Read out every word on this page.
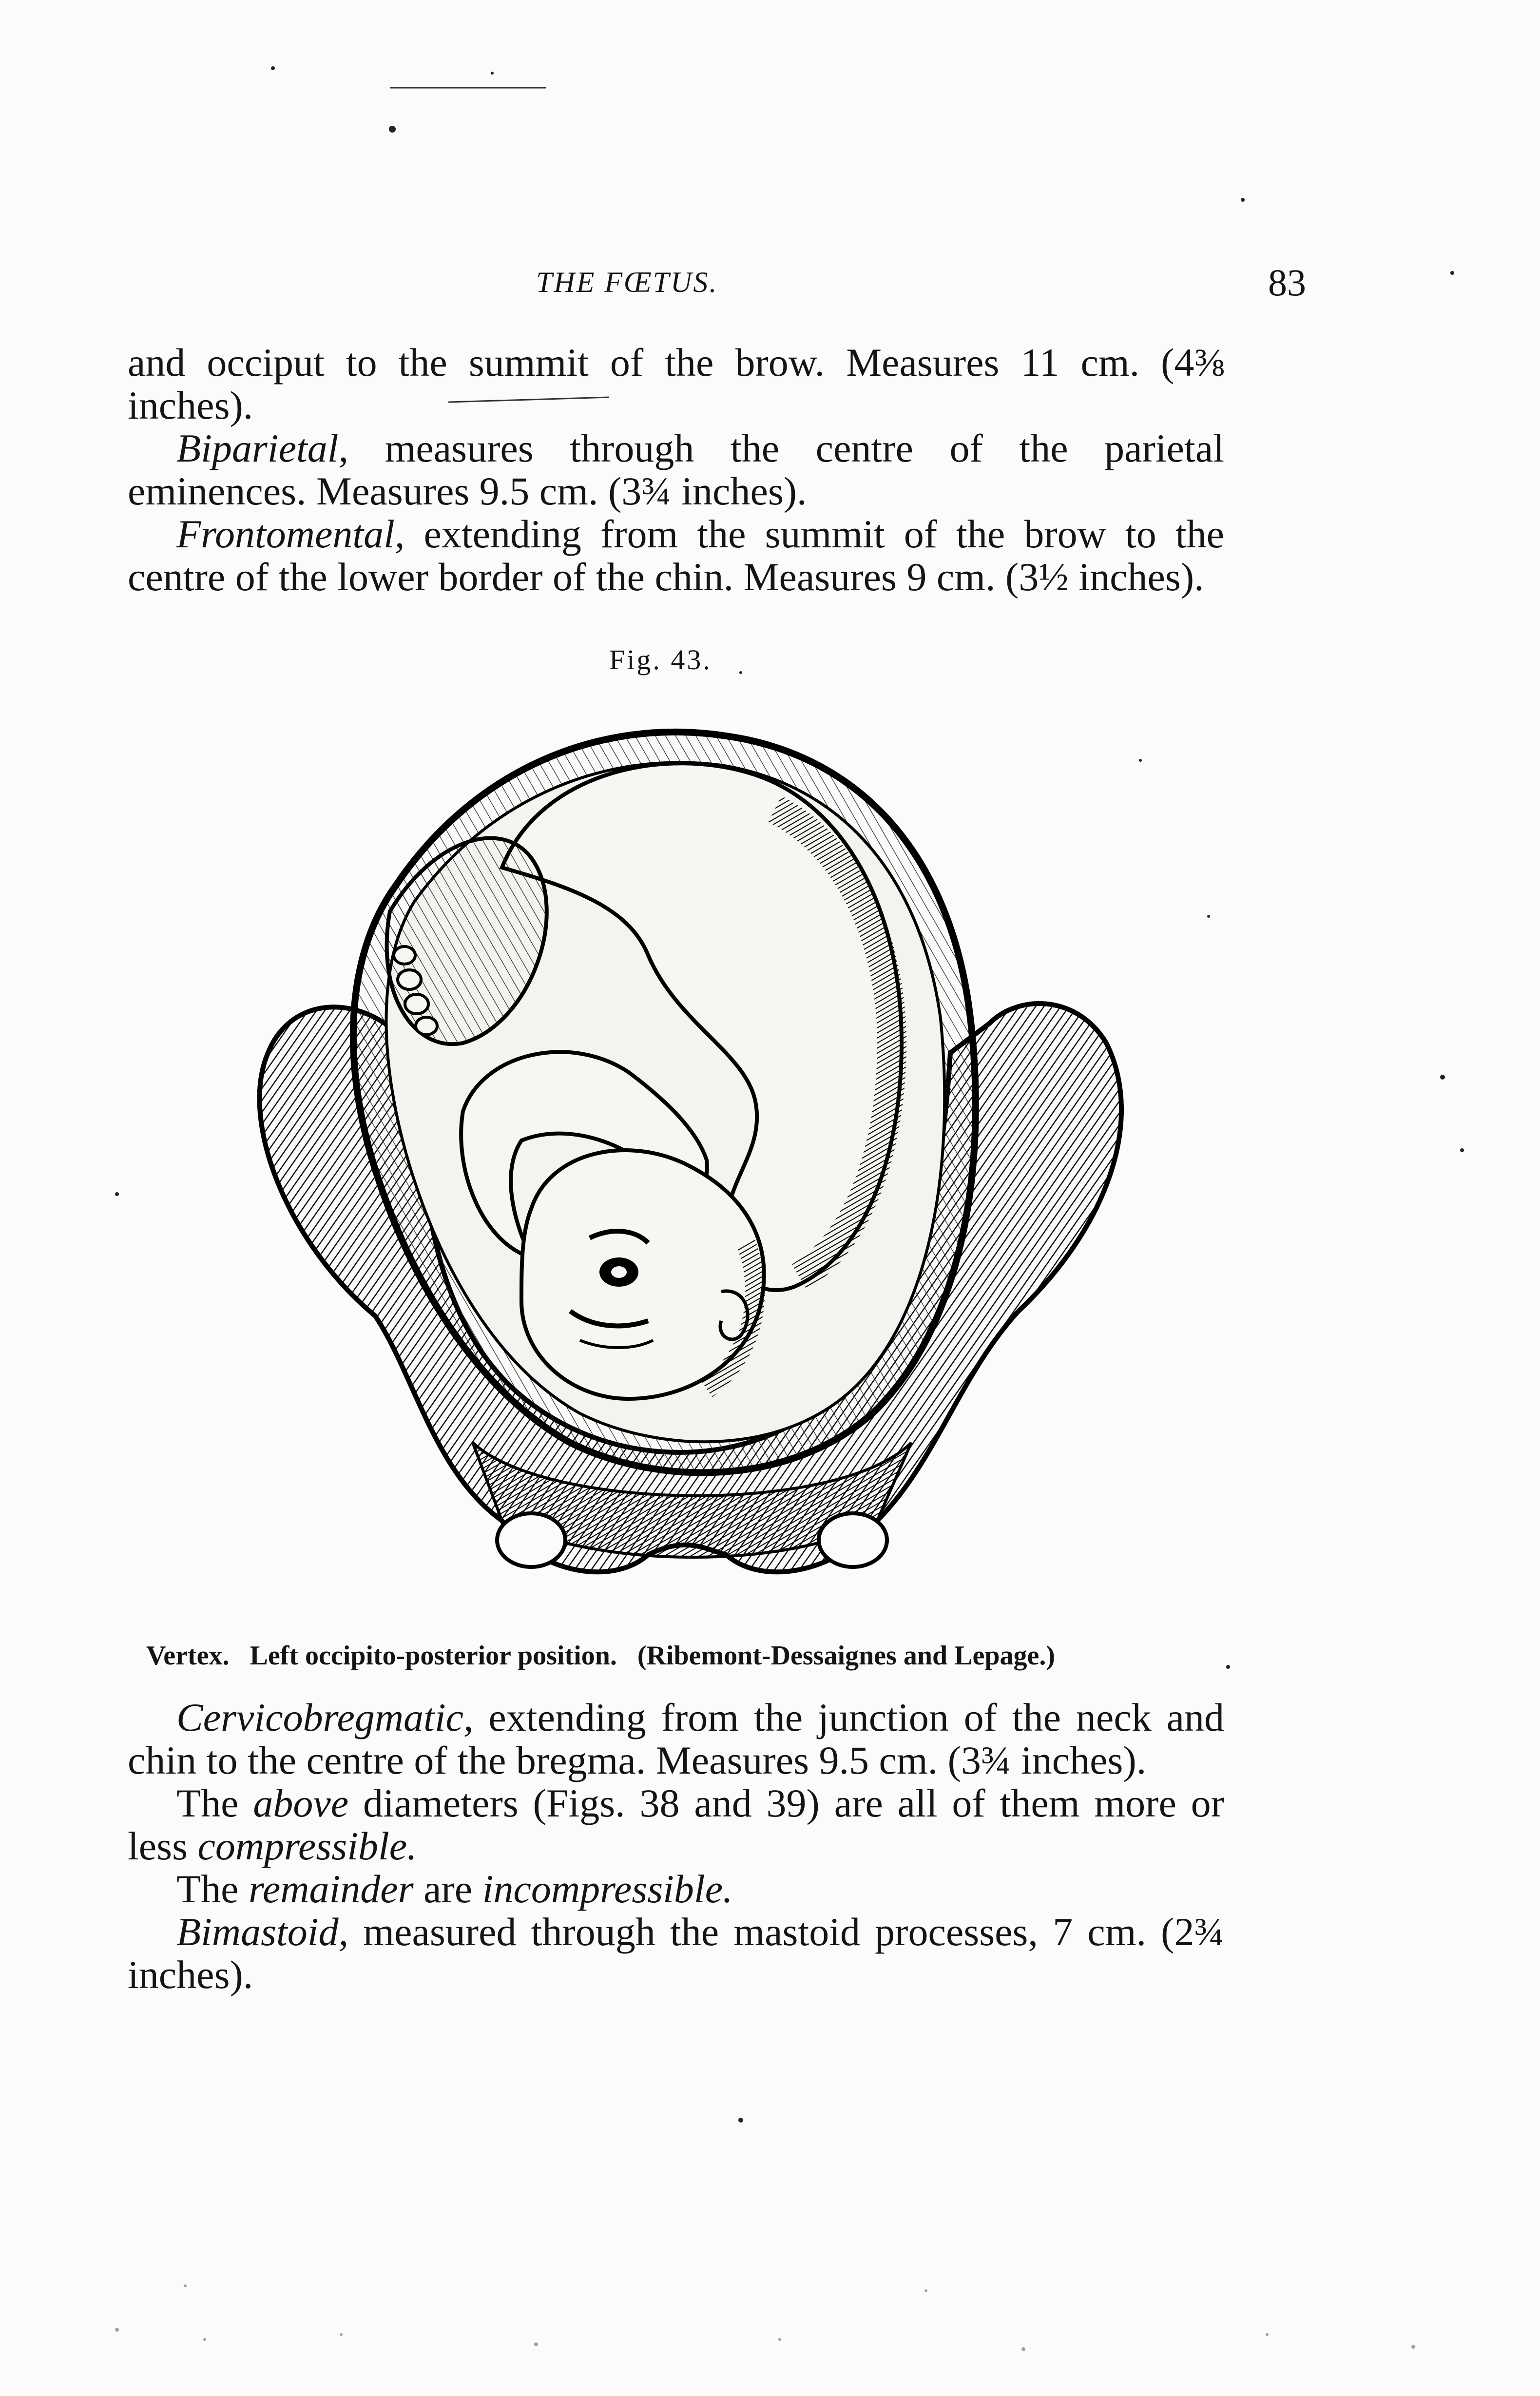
THE FŒTUS.	83

and occiput to the summit of the brow. Measures 11 cm. (4⅜ inches).

Biparietal, measures through the centre of the parietal eminences. Measures 9.5 cm. (3¾ inches).

Frontomental, extending from the summit of the brow to the centre of the lower border of the chin. Measures 9 cm. (3½ inches).

Fig. 43.
Vertex. Left occipito-posterior position. (Ribemont-Dessaignes and Lepage.)

Cervicobregmatic, extending from the junction of the neck and chin to the centre of the bregma. Measures 9.5 cm. (3¾ inches).

The above diameters (Figs. 38 and 39) are all of them more or less compressible.

The remainder are incompressible.

Bimastoid, measured through the mastoid processes, 7 cm. (2¾ inches).
